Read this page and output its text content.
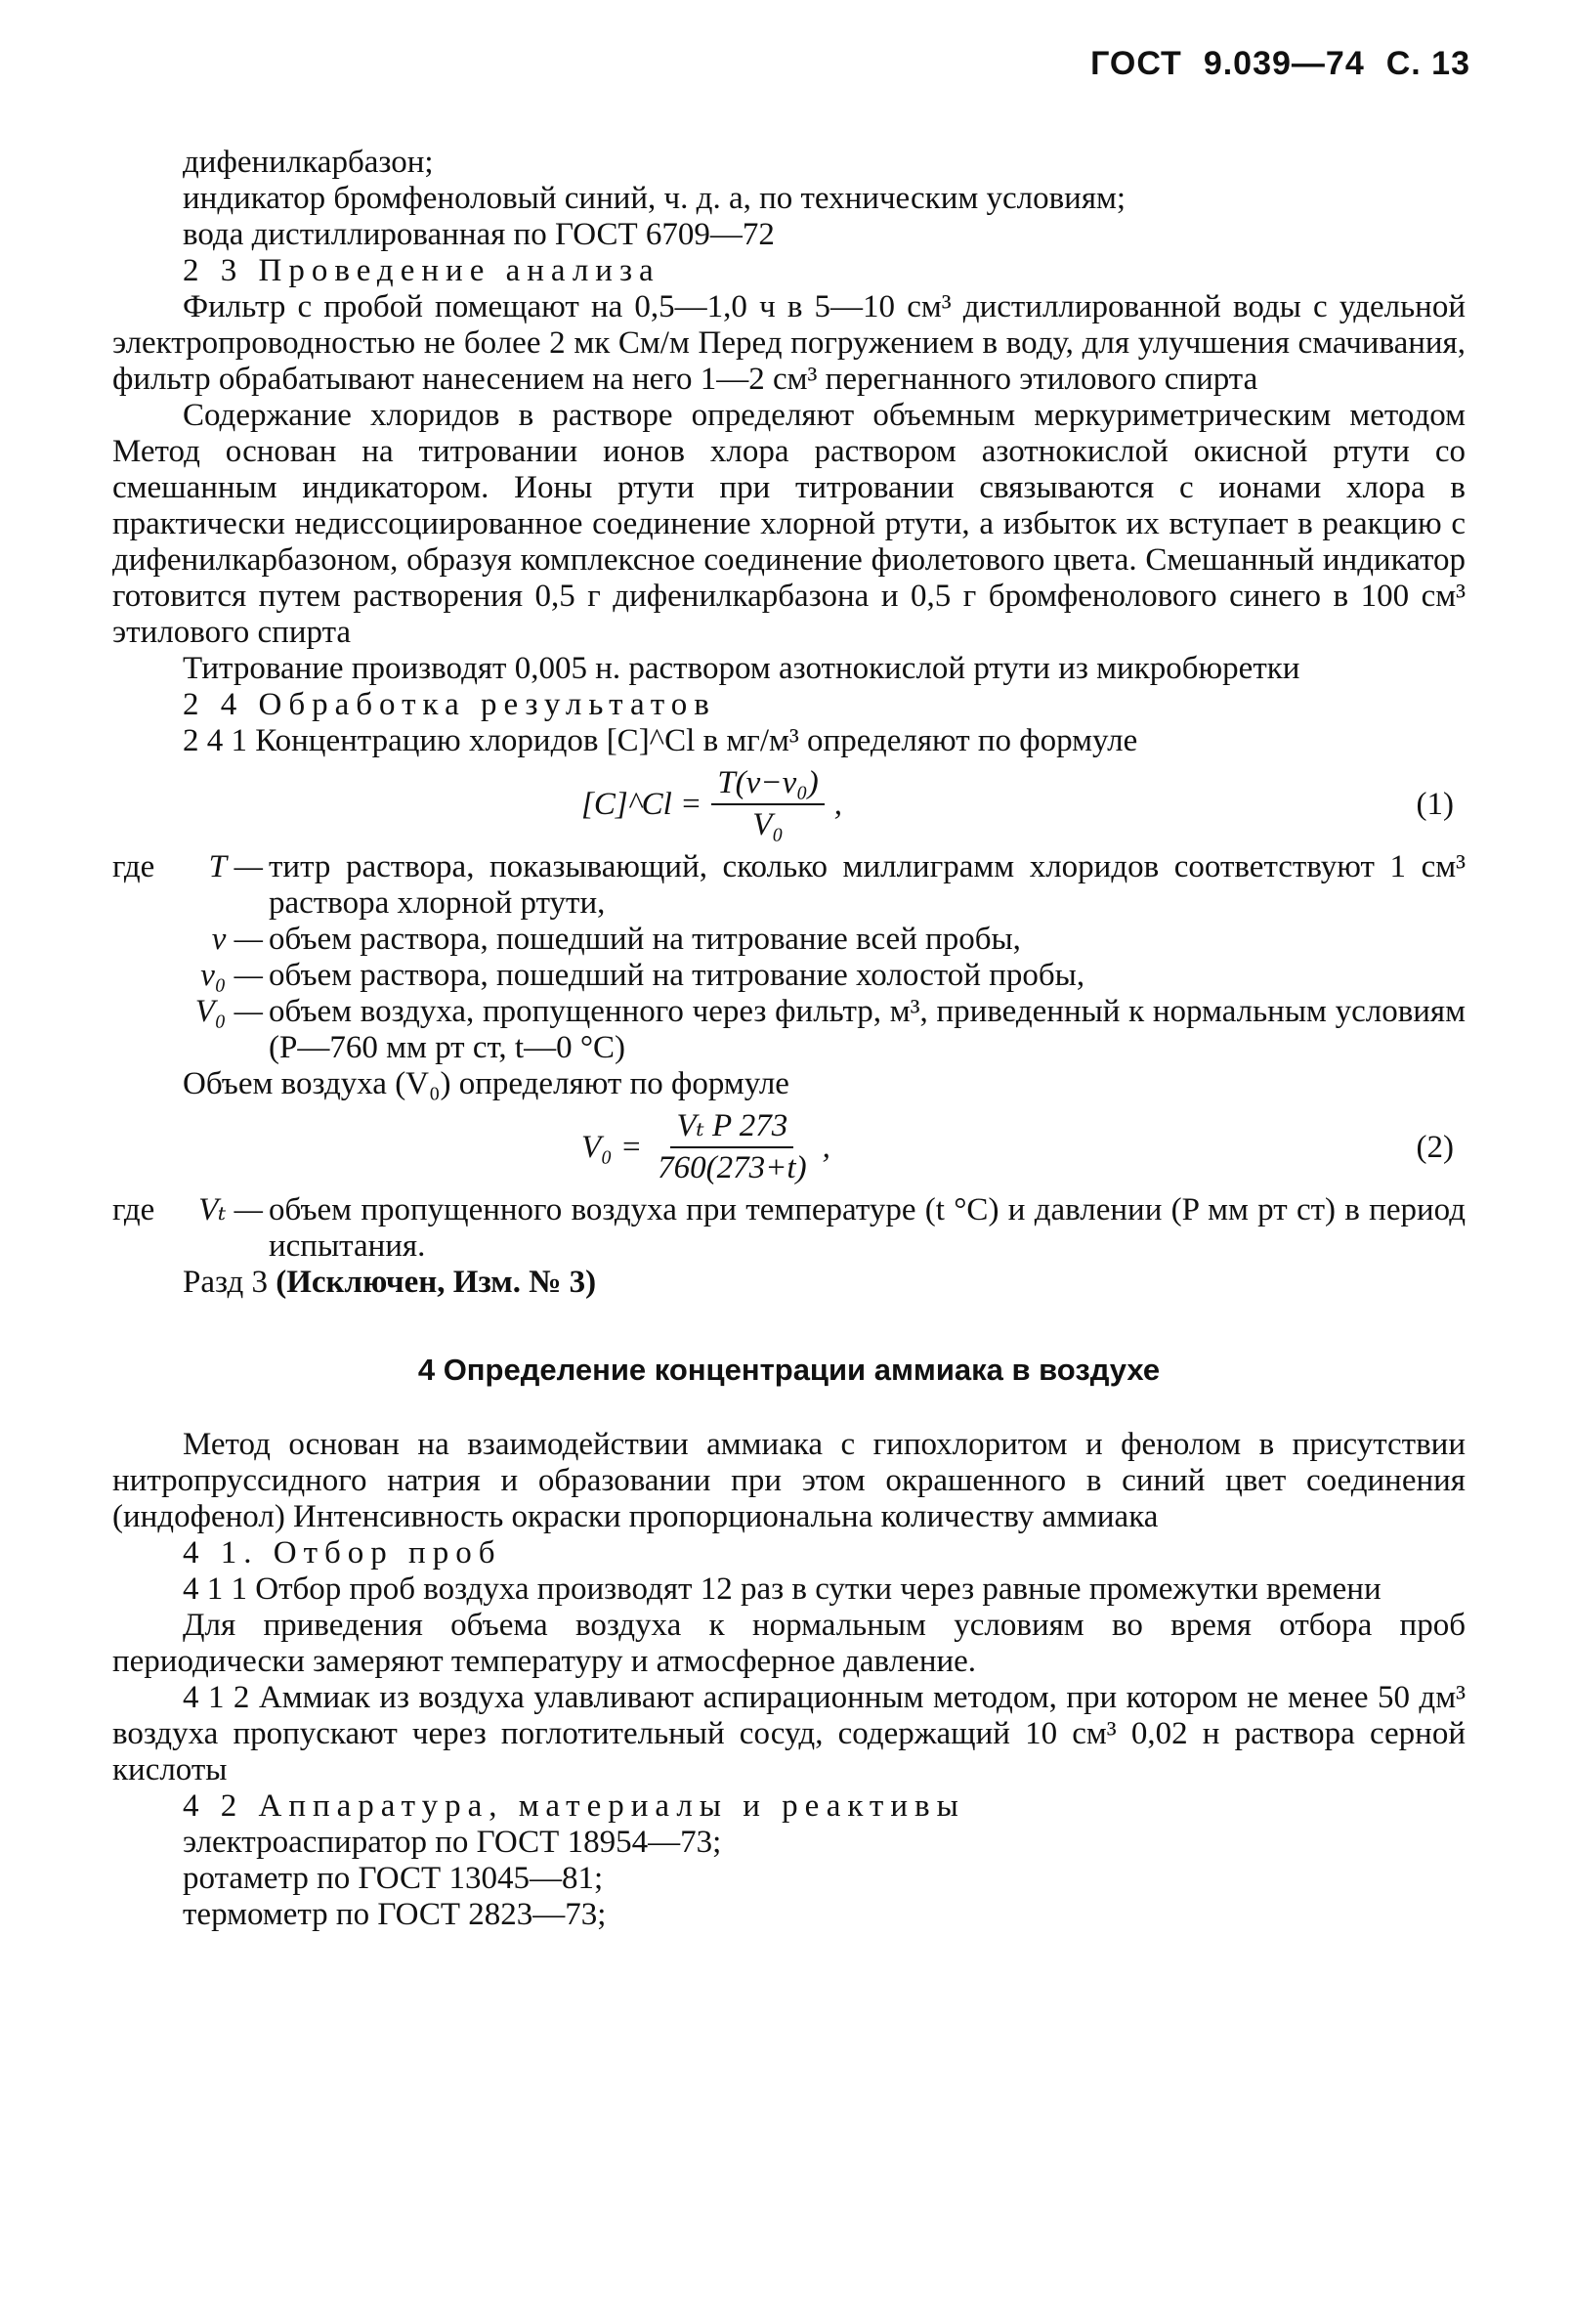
ГОСТ 9.039—74 С. 13

дифенилкарбазон;

индикатор бромфеноловый синий, ч. д. а, по техническим условиям;

вода дистиллированная по ГОСТ 6709—72

2 3 Проведение анализа

Фильтр с пробой помещают на 0,5—1,0 ч в 5—10 см³ дистиллированной воды с удельной электропроводностью не более 2 мк См/м Перед погружением в воду, для улучшения смачивания, фильтр обрабатывают нанесением на него 1—2 см³ перегнанного этилового спирта

Содержание хлоридов в растворе определяют объемным меркуриметрическим методом Метод основан на титровании ионов хлора раствором азотнокислой окисной ртути со смешанным индикатором. Ионы ртути при титровании связываются с ионами хлора в практически недиссоциированное соединение хлорной ртути, а избыток их вступает в реакцию с дифенилкарбазоном, образуя комплексное соединение фиолетового цвета. Смешанный индикатор готовится путем растворения 0,5 г дифенилкарбазона и 0,5 г бромфенолового синего в 100 см³ этилового спирта

Титрование производят 0,005 н. раствором азотнокислой ртути из микробюретки

2 4 Обработка результатов

2 4 1 Концентрацию хлоридов [C]^Cl в мг/м³ определяют по формуле

[C]^Cl = $\frac{\text{T(v−v₀)}}{\text{V₀}}$ ,	(1)
где	T — титр раствора, показывающий, сколько миллиграмм хлоридов соответствуют 1 см³ раствора хлорной ртути,
v — объем раствора, пошедший на титрование всей пробы,
v₀ — объем раствора, пошедший на титрование холостой пробы,
V₀ — объем воздуха, пропущенного через фильтр, м³, приведенный к нормальным условиям (P—760 мм рт ст, t—0 °C)

Объем воздуха (V₀) определяют по формуле

$V_0 = \frac{\text{Vₜ P 273}}{760(273+t)}$ ,	(2)
где	Vₜ — объем пропущенного воздуха при температуре (t °C) и давлении (P мм рт ст) в период испытания.

Разд 3 (Исключен, Изм. № 3)

4 Определение концентрации аммиака в воздухе

Метод основан на взаимодействии аммиака с гипохлоритом и фенолом в присутствии нитропруссидного натрия и образовании при этом окрашенного в синий цвет соединения (индофенол) Интенсивность окраски пропорциональна количеству аммиака

4 1. Отбор проб

4 1 1 Отбор проб воздуха производят 12 раз в сутки через равные промежутки времени

Для приведения объема воздуха к нормальным условиям во время отбора проб периодически замеряют температуру и атмосферное давление.

4 1 2 Аммиак из воздуха улавливают аспирационным методом, при котором не менее 50 дм³ воздуха пропускают через поглотительный сосуд, содержащий 10 см³ 0,02 н раствора серной кислоты

4 2 Аппаратура, материалы и реактивы

электроаспиратор по ГОСТ 18954—73;

ротаметр по ГОСТ 13045—81;

термометр по ГОСТ 2823—73;
